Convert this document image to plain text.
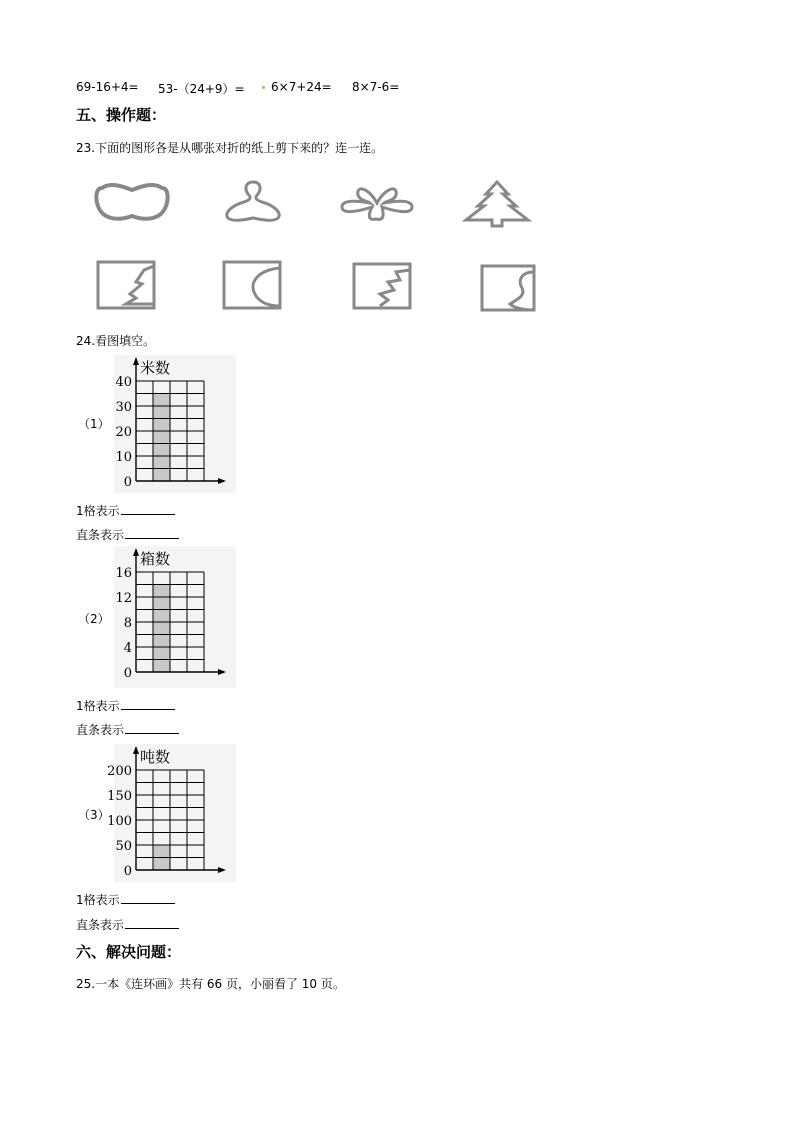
69-16+4= 53-（24+9）=	6×7+24= 8×7-6=
五、操作题：
23.下面的图形各是从哪张对折的纸上剪下来的？连一连。
24.看图填空。
（1）
米数
0
10
20
30
40
1格表示
直条表示
（2）
箱数
0
4
8
12
16
1格表示
直条表示
（3）
吨数
0
50
100
150
200
1格表示
直条表示
六、解决问题：
25.一本《连环画》共有 66 页，小丽看了 10 页。
